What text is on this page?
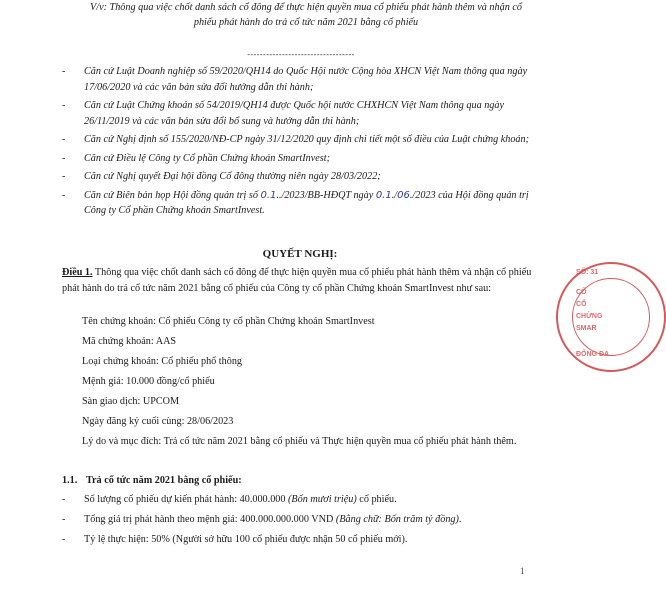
V/v: Thông qua việc chốt danh sách cổ đông để thực hiện quyền mua cổ phiếu phát hành thêm và nhận cổ
phiếu phát hành do trả cổ tức năm 2021 bằng cổ phiếu
----------------------------------
- Căn cứ Luật Doanh nghiệp số 59/2020/QH14 do Quốc Hội nước Cộng hòa XHCN Việt Nam thông qua ngày 17/06/2020 và các văn bản sửa đổi hướng dẫn thi hành;
- Căn cứ Luật Chứng khoán số 54/2019/QH14 được Quốc hội nước CHXHCN Việt Nam thông qua ngày 26/11/2019 và các văn bản sửa đổi bổ sung và hướng dẫn thi hành;
- Căn cứ Nghị định số 155/2020/NĐ-CP ngày 31/12/2020 quy định chi tiết một số điều của Luật chứng khoán;
- Căn cứ Điều lệ Công ty Cổ phần Chứng khoán SmartInvest;
- Căn cứ Nghị quyết Đại hội đồng Cổ đông thường niên ngày 28/03/2022;
- Căn cứ Biên bản họp Hội đồng quản trị số 0.1../2023/BB-HĐQT ngày 0.1./06./2023 của Hội đồng quản trị Công ty Cổ phần Chứng khoán SmartInvest.
QUYẾT NGHỊ:
Điều 1. Thông qua việc chốt danh sách cổ đông để thực hiện quyền mua cổ phiếu phát hành thêm và nhận cổ phiếu phát hành do trả cổ tức năm 2021 bằng cổ phiếu của Công ty cổ phần Chứng khoán SmartInvest như sau:
Tên chứng khoán: Cổ phiếu Công ty cổ phần Chứng khoán SmartInvest
Mã chứng khoán: AAS
Loại chứng khoán: Cổ phiếu phổ thông
Mệnh giá: 10.000 đồng/cổ phiếu
Sàn giao dịch: UPCOM
Ngày đăng ký cuối cùng: 28/06/2023
Lý do và mục đích: Trả cổ tức năm 2021 bằng cổ phiếu và Thực hiện quyền mua cổ phiếu phát hành thêm.
1.1. Trả cổ tức năm 2021 bằng cổ phiếu:
- Số lượng cổ phiếu dự kiến phát hành: 40.000.000 (Bốn mươi triệu) cổ phiếu.
- Tổng giá trị phát hành theo mệnh giá: 400.000.000.000 VND (Bằng chữ: Bốn trăm tỷ đồng).
- Tỷ lệ thực hiện: 50% (Người sở hữu 100 cổ phiếu được nhận 50 cổ phiếu mới).
1
SỐ: 31
CÔ
CỔ
CHỨNG
SMAR
ĐỐNG ĐA
